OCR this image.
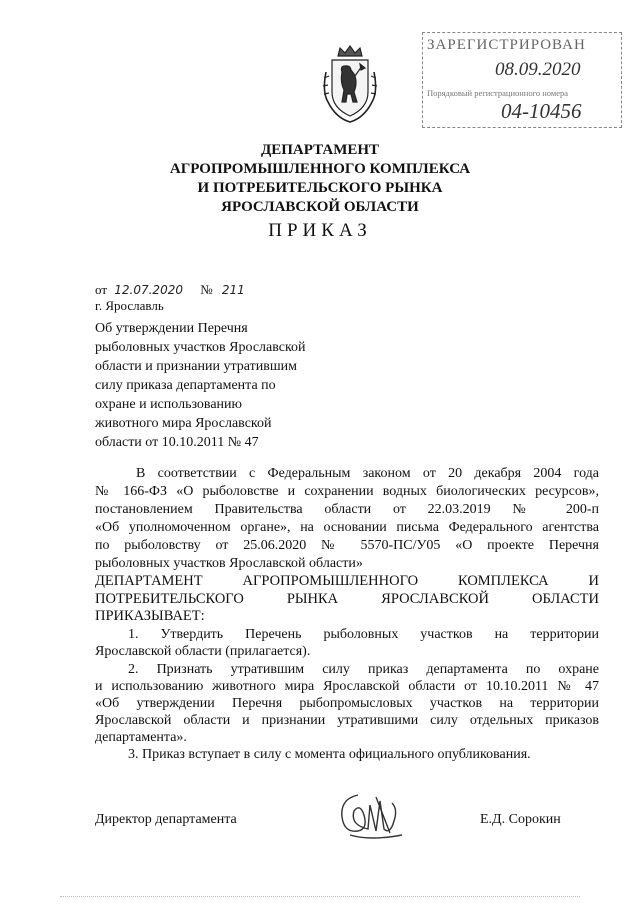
ЗАРЕГИСТРИРОВАН
08.09.2020
Порядковый регистрационного номера
04-10456
ДЕПАРТАМЕНТ
АГРОПРОМЫШЛЕННОГО КОМПЛЕКСА
И ПОТРЕБИТЕЛЬСКОГО РЫНКА
ЯРОСЛАВСКОЙ ОБЛАСТИ
ПРИКАЗ
от 12.07.2020 № 211
г. Ярославль
Об утверждении Перечня
рыболовных участков Ярославской
области и признании утратившим
силу приказа департамента по
охране и использованию
животного мира Ярославской
области от 10.10.2011 № 47
В соответствии с Федеральным законом от 20 декабря 2004 года
№ 166-ФЗ «О рыболовстве и сохранении водных биологических ресурсов»,
постановлением Правительства области от 22.03.2019 № 200-п
«Об уполномоченном органе», на основании письма Федерального агентства
по рыболовству от 25.06.2020 № 5570-ПС/У05 «О проекте Перечня
рыболовных участков Ярославской области»
ДЕПАРТАМЕНТ АГРОПРОМЫШЛЕННОГО КОМПЛЕКСА И
ПОТРЕБИТЕЛЬСКОГО РЫНКА ЯРОСЛАВСКОЙ ОБЛАСТИ
ПРИКАЗЫВАЕТ:
1. Утвердить Перечень рыболовных участков на территории
Ярославской области (прилагается).
2. Признать утратившим силу приказ департамента по охране
и использованию животного мира Ярославской области от 10.10.2011 № 47
«Об утверждении Перечня рыбопромысловых участков на территории
Ярославской области и признании утратившими силу отдельных приказов
департамента».
3. Приказ вступает в силу с момента официального опубликования.
Директор департамента	Е.Д. Сорокин
